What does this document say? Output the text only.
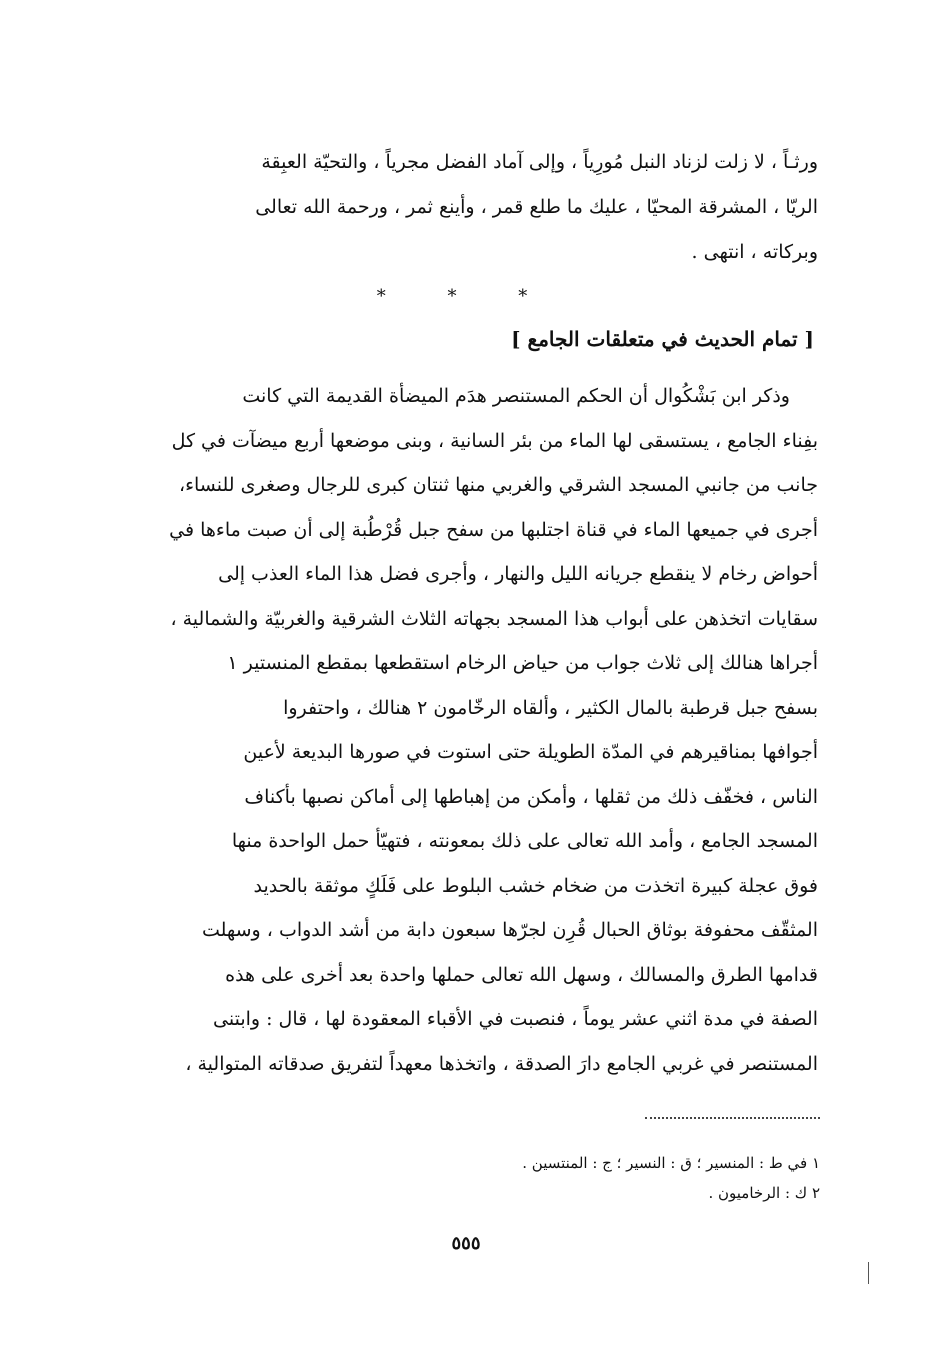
ورثـاً ، لا زلت لزناد النبل مُورِياً ، وإلى آماد الفضل مجرياً ، والتحيّة العبِقة
الريّا ، المشرقة المحيّا ، عليك ما طلع قمر ، وأينع ثمر ، ورحمة الله تعالى
وبركاته ، انتهى .
* * *
[ تمام الحديث في متعلقات الجامع ]
وذكر ابن بَشْكُوال أن الحكم المستنصر هدَم الميضأة القديمة التي كانت
بفِناء الجامع ، يستسقى لها الماء من بئر السانية ، وبنى موضعها أربع ميضآت في كل
جانب من جانبي المسجد الشرقي والغربي منها ثنتان كبرى للرجال وصغرى للنساء،
أجرى في جميعها الماء في قناة اجتلبها من سفح جبل قُرْطُبة إلى أن صبت ماءها في
أحواض رخام لا ينقطع جريانه الليل والنهار ، وأجرى فضل هذا الماء العذب إلى
سقايات اتخذهن على أبواب هذا المسجد بجهاته الثلاث الشرقية والغربيّة والشمالية ،
أجراها هنالك إلى ثلاث جواب من حياض الرخام استقطعها بمقطع المنستير ١
بسفح جبل قرطبة بالمال الكثير ، وألقاه الرخّامون ٢ هنالك ، واحتفروا
أجوافها بمناقيرهم في المدّة الطويلة حتى استوت في صورها البديعة لأعين
الناس ، فخفّف ذلك من ثقلها ، وأمكن من إهباطها إلى أماكن نصبها بأكناف
المسجد الجامع ، وأمد الله تعالى على ذلك بمعونته ، فتهيّأ حمل الواحدة منها
فوق عجلة كبيرة اتخذت من ضخام خشب البلوط على فَلَكٍ موثقة بالحديد
المثقّف محفوفة بوثاق الحبال قُرِن لجرّها سبعون دابة من أشد الدواب ، وسهلت
قدامها الطرق والمسالك ، وسهل الله تعالى حملها واحدة بعد أخرى على هذه
الصفة في مدة اثني عشر يوماً ، فنصبت في الأقباء المعقودة لها ، قال : وابتنى
المستنصر في غربي الجامع دارَ الصدقة ، واتخذها معهداً لتفريق صدقاته المتوالية ،
١ في ط : المنسير ؛ ق : النسير ؛ ج : المنتسين .
٢ ك : الرخاميون .
٥٥٥
